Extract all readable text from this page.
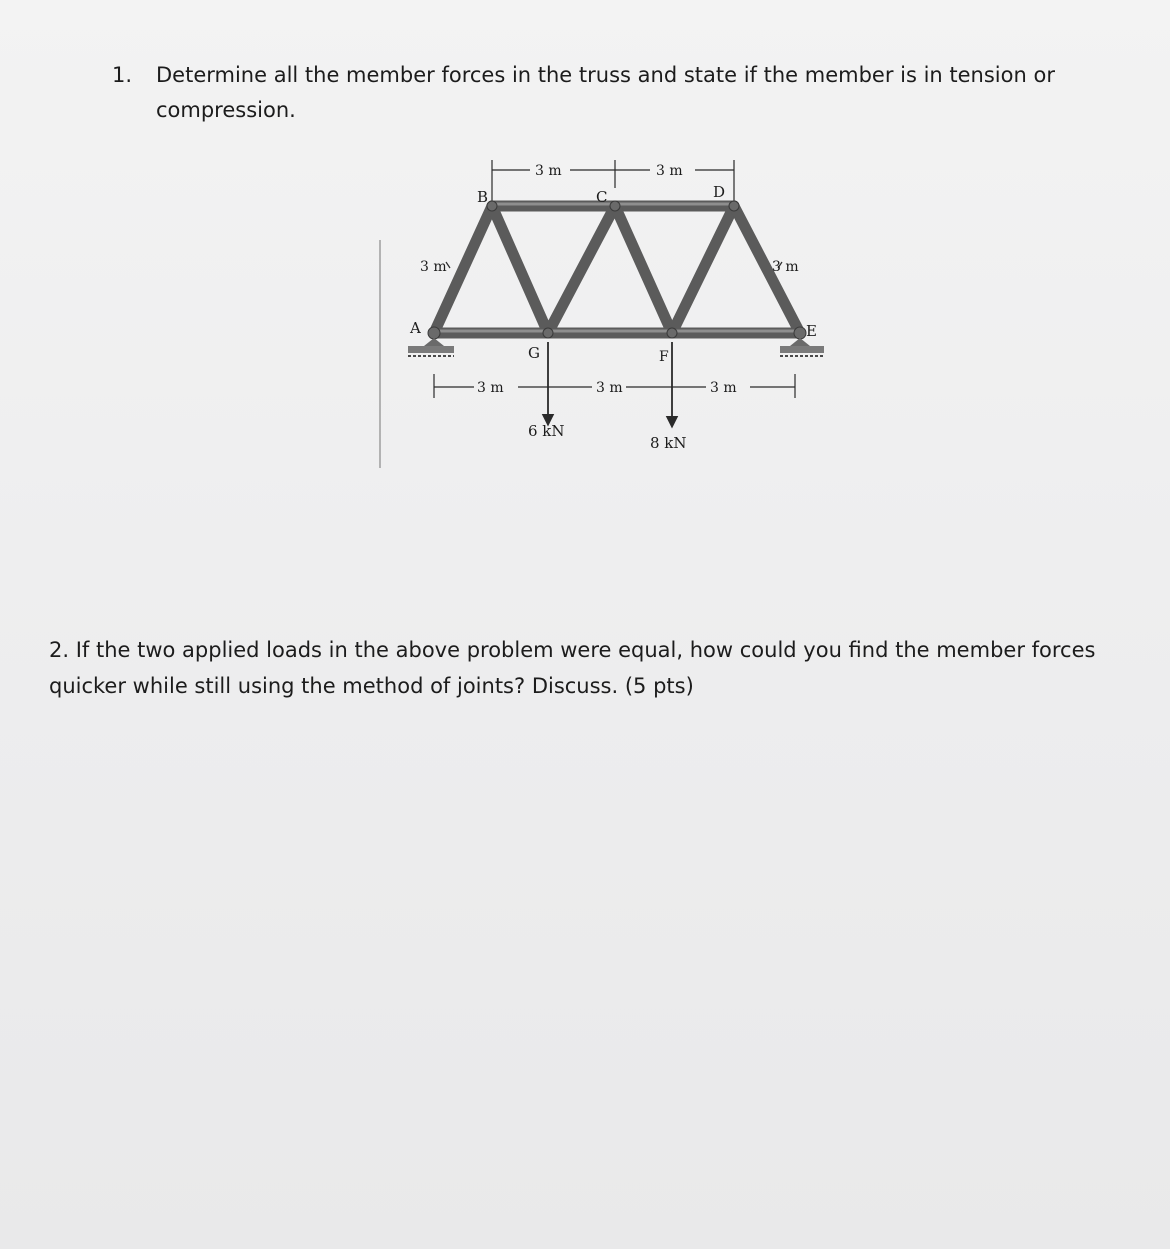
1. Determine all the member forces in the truss and state if the member is in tension or compression.
A
B	C	D
E
F
G
3 m	3 m
3 m	3 m
3 m	3 m	3 m
6 kN
8 kN
2. If the two applied loads in the above problem were equal, how could you find the member forces quicker while still using the method of joints? Discuss. (5 pts)
